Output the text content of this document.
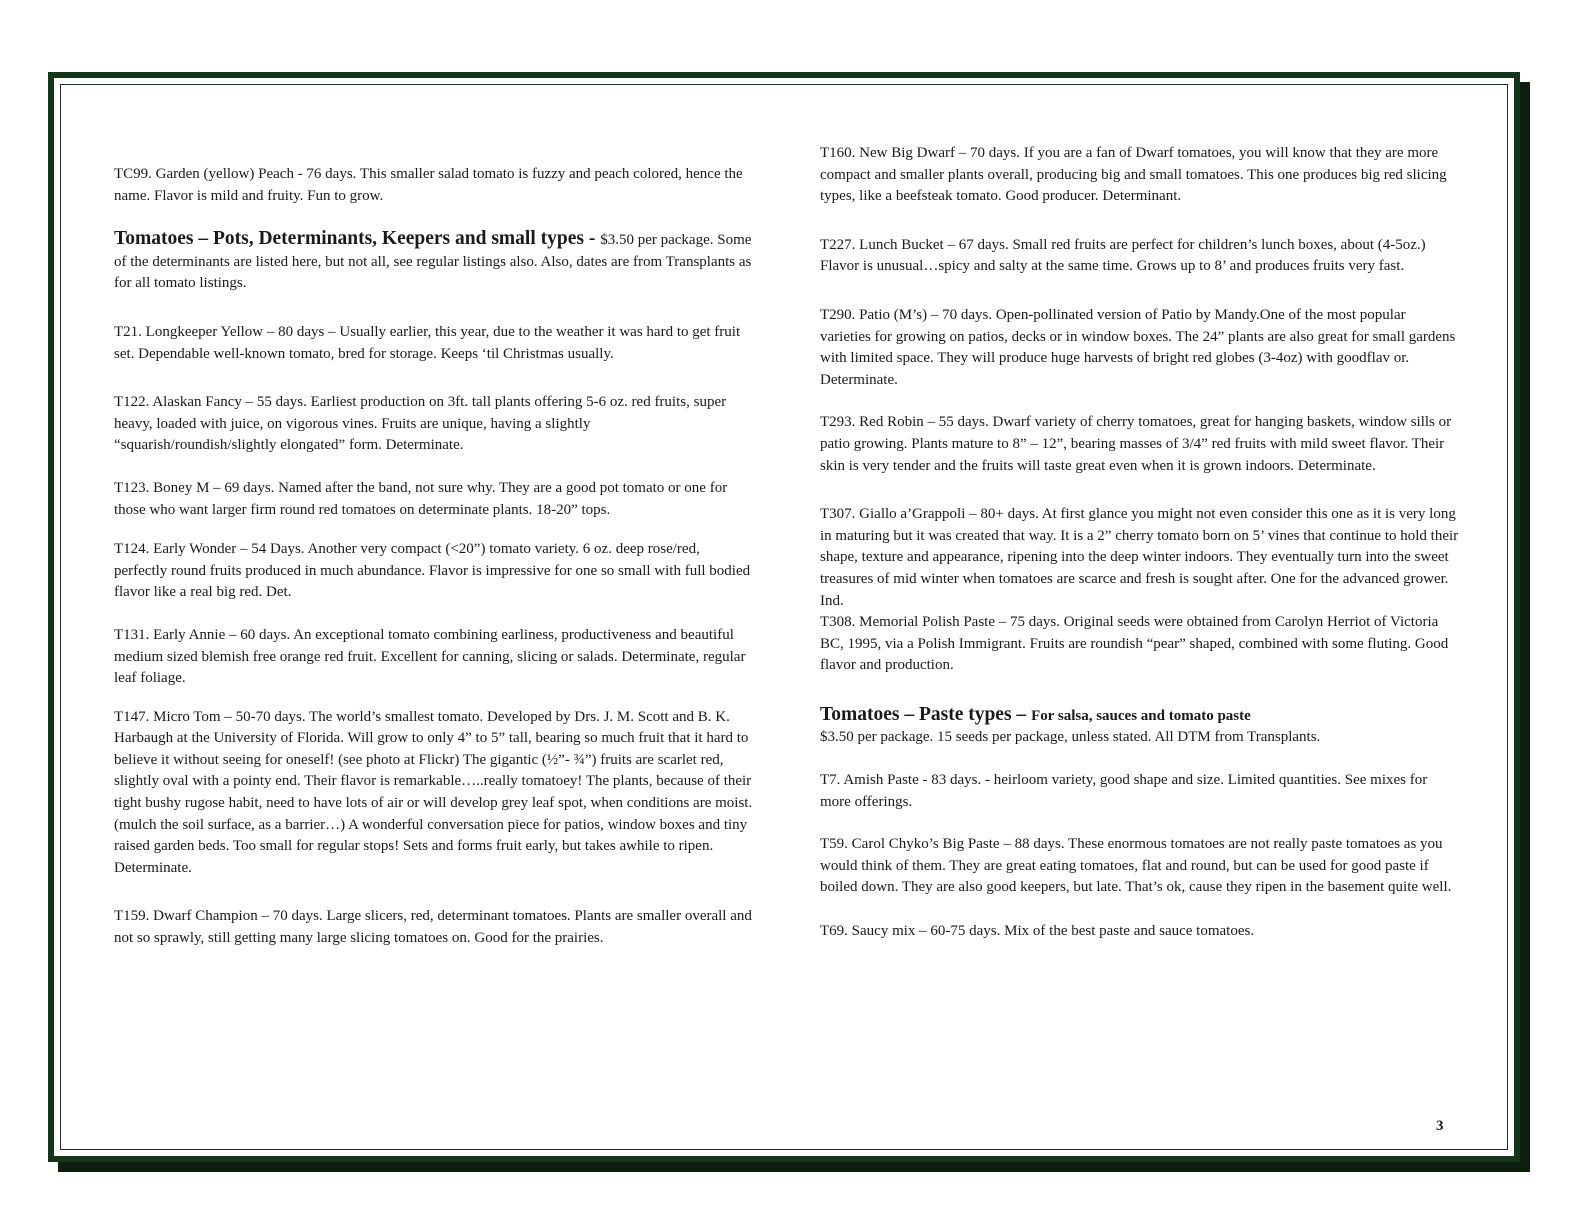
TC99. Garden (yellow) Peach - 76 days. This smaller salad tomato is fuzzy and peach colored, hence the name. Flavor is mild and fruity. Fun to grow.

Tomatoes – Pots, Determinants, Keepers and small types - $3.50 per package. Some of the determinants are listed here, but not all, see regular listings also. Also, dates are from Transplants as for all tomato listings.

T21. Longkeeper Yellow – 80 days – Usually earlier, this year, due to the weather it was hard to get fruit set. Dependable well-known tomato, bred for storage. Keeps ‘til Christmas usually.

T122. Alaskan Fancy – 55 days. Earliest production on 3ft. tall plants offering 5-6 oz. red fruits, super heavy, loaded with juice, on vigorous vines. Fruits are unique, having a slightly “squarish/roundish/slightly elongated” form. Determinate.

T123. Boney M – 69 days. Named after the band, not sure why. They are a good pot tomato or one for those who want larger firm round red tomatoes on determinate plants. 18-20” tops.

T124. Early Wonder – 54 Days. Another very compact (<20”) tomato variety. 6 oz. deep rose/red, perfectly round fruits produced in much abundance. Flavor is impressive for one so small with full bodied flavor like a real big red. Det.

T131. Early Annie – 60 days. An exceptional tomato combining earliness, productiveness and beautiful medium sized blemish free orange red fruit. Excellent for canning, slicing or salads. Determinate, regular leaf foliage.

T147. Micro Tom – 50-70 days. The world’s smallest tomato. Developed by Drs. J. M. Scott and B. K. Harbaugh at the University of Florida. Will grow to only 4” to 5” tall, bearing so much fruit that it hard to believe it without seeing for oneself! (see photo at Flickr) The gigantic (½”- ¾”) fruits are scarlet red, slightly oval with a pointy end. Their flavor is remarkable…..really tomatoey! The plants, because of their tight bushy rugose habit, need to have lots of air or will develop grey leaf spot, when conditions are moist. (mulch the soil surface, as a barrier…) A wonderful conversation piece for patios, window boxes and tiny raised garden beds. Too small for regular stops! Sets and forms fruit early, but takes awhile to ripen. Determinate.

T159. Dwarf Champion – 70 days. Large slicers, red, determinant tomatoes. Plants are smaller overall and not so sprawly, still getting many large slicing tomatoes on. Good for the prairies.

T160. New Big Dwarf – 70 days. If you are a fan of Dwarf tomatoes, you will know that they are more compact and smaller plants overall, producing big and small tomatoes. This one produces big red slicing types, like a beefsteak tomato. Good producer. Determinant.

T227. Lunch Bucket – 67 days. Small red fruits are perfect for children’s lunch boxes, about (4-5oz.) Flavor is unusual…spicy and salty at the same time. Grows up to 8’ and produces fruits very fast.

T290. Patio (M’s) – 70 days. Open-pollinated version of Patio by Mandy.One of the most popular varieties for growing on patios, decks or in window boxes. The 24” plants are also great for small gardens with limited space. They will produce huge harvests of bright red globes (3-4oz) with goodflav or. Determinate.

T293. Red Robin – 55 days. Dwarf variety of cherry tomatoes, great for hanging baskets, window sills or patio growing. Plants mature to 8” – 12”, bearing masses of 3/4” red fruits with mild sweet flavor. Their skin is very tender and the fruits will taste great even when it is grown indoors. Determinate.

T307. Giallo a’Grappoli – 80+ days. At first glance you might not even consider this one as it is very long in maturing but it was created that way. It is a 2” cherry tomato born on 5’ vines that continue to hold their shape, texture and appearance, ripening into the deep winter indoors. They eventually turn into the sweet treasures of mid winter when tomatoes are scarce and fresh is sought after. One for the advanced grower. Ind.

T308. Memorial Polish Paste – 75 days. Original seeds were obtained from Carolyn Herriot of Victoria BC, 1995, via a Polish Immigrant. Fruits are roundish “pear” shaped, combined with some fluting. Good flavor and production.

Tomatoes – Paste types – For salsa, sauces and tomato paste
$3.50 per package. 15 seeds per package, unless stated. All DTM from Transplants.

T7. Amish Paste - 83 days. - heirloom variety, good shape and size. Limited quantities. See mixes for more offerings.

T59. Carol Chyko’s Big Paste – 88 days. These enormous tomatoes are not really paste tomatoes as you would think of them. They are great eating tomatoes, flat and round, but can be used for good paste if boiled down. They are also good keepers, but late. That’s ok, cause they ripen in the basement quite well.

T69. Saucy mix – 60-75 days. Mix of the best paste and sauce tomatoes.

3
